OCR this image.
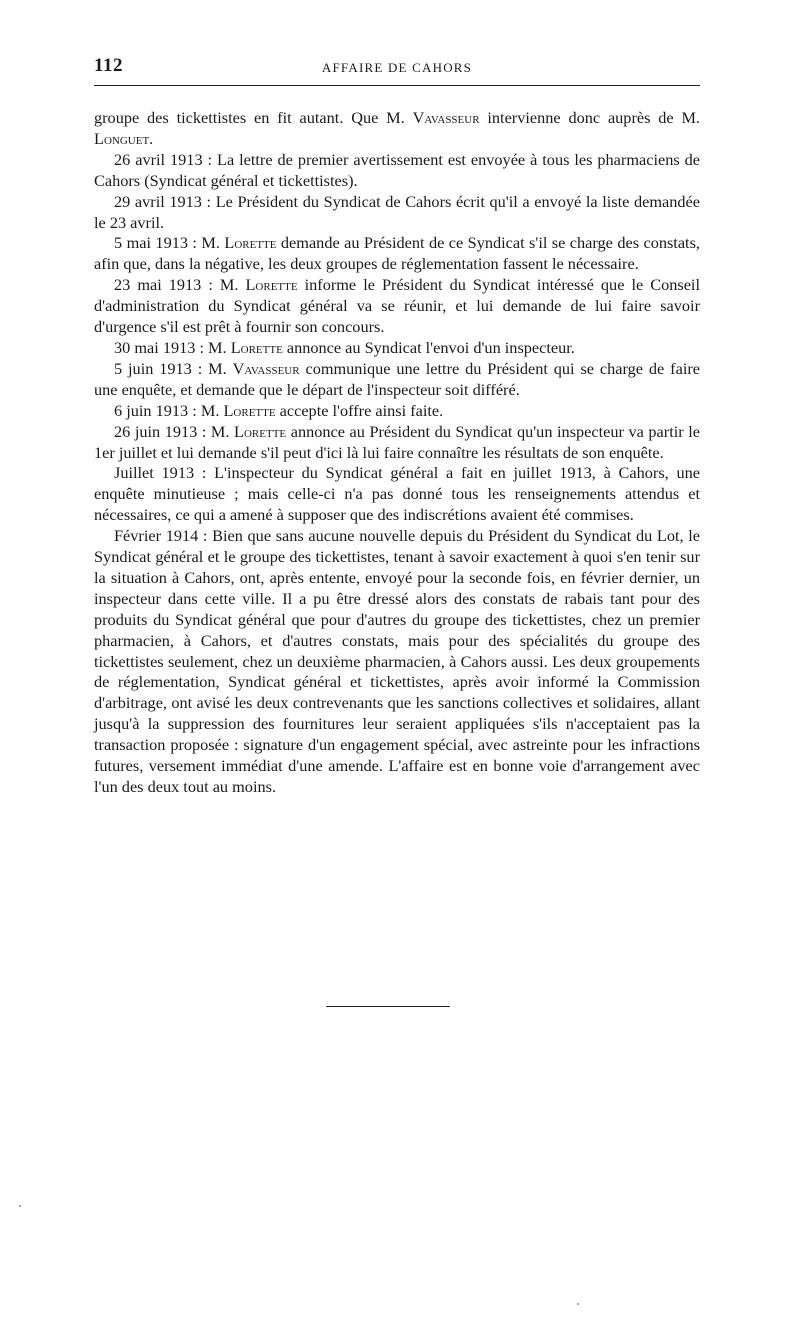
112	AFFAIRE DE CAHORS

groupe des tickettistes en fit autant. Que M. Vavasseur intervienne donc auprès de M. Longuet.

26 avril 1913 : La lettre de premier avertissement est envoyée à tous les pharmaciens de Cahors (Syndicat général et tickettistes).

29 avril 1913 : Le Président du Syndicat de Cahors écrit qu'il a envoyé la liste demandée le 23 avril.

5 mai 1913 : M. Lorette demande au Président de ce Syndicat s'il se charge des constats, afin que, dans la négative, les deux groupes de réglementation fassent le nécessaire.

23 mai 1913 : M. Lorette informe le Président du Syndicat intéressé que le Conseil d'administration du Syndicat général va se réunir, et lui demande de lui faire savoir d'urgence s'il est prêt à fournir son concours.

30 mai 1913 : M. Lorette annonce au Syndicat l'envoi d'un inspecteur.

5 juin 1913 : M. Vavasseur communique une lettre du Président qui se charge de faire une enquête, et demande que le départ de l'inspecteur soit différé.

6 juin 1913 : M. Lorette accepte l'offre ainsi faite.

26 juin 1913 : M. Lorette annonce au Président du Syndicat qu'un inspecteur va partir le 1er juillet et lui demande s'il peut d'ici là lui faire connaître les résultats de son enquête.

Juillet 1913 : L'inspecteur du Syndicat général a fait en juillet 1913, à Cahors, une enquête minutieuse ; mais celle-ci n'a pas donné tous les renseignements attendus et nécessaires, ce qui a amené à supposer que des indiscrétions avaient été commises.

Février 1914 : Bien que sans aucune nouvelle depuis du Président du Syndicat du Lot, le Syndicat général et le groupe des tickettistes, tenant à savoir exactement à quoi s'en tenir sur la situation à Cahors, ont, après entente, envoyé pour la seconde fois, en février dernier, un inspecteur dans cette ville. Il a pu être dressé alors des constats de rabais tant pour des produits du Syndicat général que pour d'autres du groupe des tickettistes, chez un premier pharmacien, à Cahors, et d'autres constats, mais pour des spécialités du groupe des tickettistes seulement, chez un deuxième pharmacien, à Cahors aussi. Les deux groupements de réglementation, Syndicat général et tickettistes, après avoir informé la Commission d'arbitrage, ont avisé les deux contrevenants que les sanctions collectives et solidaires, allant jusqu'à la suppression des fournitures leur seraient appliquées s'ils n'acceptaient pas la transaction proposée : signature d'un engagement spécial, avec astreinte pour les infractions futures, versement immédiat d'une amende. L'affaire est en bonne voie d'arrangement avec l'un des deux tout au moins.
